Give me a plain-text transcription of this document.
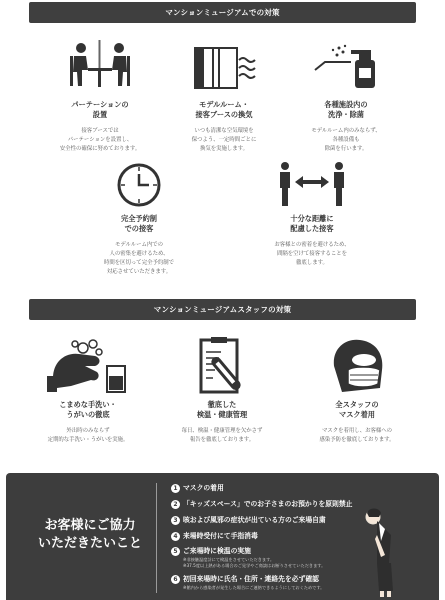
マンションミュージアムでの対策
パーテーションの
設置
接客ブースでは
パーテーションを設置し、
安全性の確保に努めております。
モデルルーム・
接客ブースの換気
いつも清潔な空気環境を
保つよう、一定時間ごとに
換気を実施します。
各種施設内の
洗浄・除菌
モデルルーム内のみならず、
各種設備も
除菌を行います。
完全予約制
での接客
モデルルーム内での
人の密集を避けるため、
時間を区切って完全予約制で
対応させていただきます。
十分な距離に
配慮した接客
お客様との密着を避けるため、
間隔を空けて接客することを
徹底します。
マンションミュージアムスタッフの対策
こまめな手洗い・
うがいの徹底
外出時のみならず
定期的な手洗い・うがいを実施。
徹底した
検温・健康管理
毎日、検温・健康管理を欠かさず
報告を徹底しております。
全スタッフの
マスク着用
マスクを着用し、お客様への
感染予防を徹底しております。
お客様にご協力
いただきたいこと
1 マスクの着用
2 「キッズスペース」でのお子さまのお預かりを原則禁止
3 咳および風邪の症状が出ている方のご来場自粛
4 来場時受付にて手指消毒
5 ご来場時に検温の実施
※非接触温度計にて検温をさせていただきます。
※37.5度以上熱がある場合のご見学やご商談はお断りさせていただきます。
6 初回来場時に氏名・住所・連絡先を必ず確認
※館内から感染者が発生した場合にご連絡できるようにしておくためです。
